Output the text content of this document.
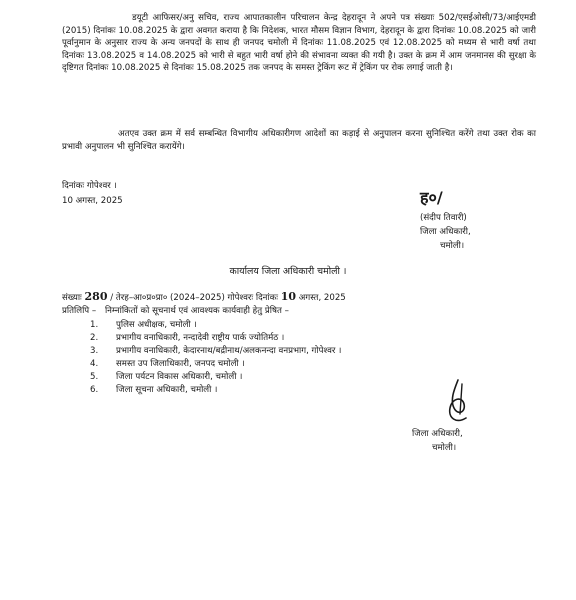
डयूटी आफिसर/अनु सचिव, राज्य आपातकालीन परिचालन केन्द्र देहरादून ने अपने पत्र संख्याः 502/एसईओसी/73/आईएमडी (2015) दिनांकः 10.08.2025 के द्वारा अवगत कराया है कि निदेशक, भारत मौसम विज्ञान विभाग, देहरादून के द्वारा दिनांकः 10.08.2025 को जारी पूर्वानुमान के अनुसार राज्य के अन्य जनपदों के साथ ही जनपद चमोली में दिनांकः 11.08.2025 एवं 12.08.2025 को मध्यम से भारी वर्षा तथा दिनांकः 13.08.2025 व 14.08.2025 को भारी से बहुत भारी वर्षा होने की संभावना व्यक्त की गयी है। उक्त के क्रम में आम जनमानस की सुरक्षा के दृष्टिगत दिनांकः 10.08.2025 से दिनांकः 15.08.2025 तक जनपद के समस्त ट्रेकिंग रूट में ट्रेकिंग पर रोक लगाई जाती है।

अतएव उक्त क्रम में सर्व सम्बन्धित विभागीय अधिकारीगण आदेशों का कड़ाई से अनुपालन करना सुनिश्चित करेंगे तथा उक्त रोक का प्रभावी अनुपालन भी सुनिश्चित करायेंगे।

दिनांकः गोपेश्वर ।

10 अगस्त, 2025	ह०/

(संदीप तिवारी)

जिला अधिकारी,

चमोली।

कार्यालय जिला अधिकारी चमोली ।

संख्याः 280 / तेरह–आ०प्र०प्रा० (2024–2025) गोपेश्वरः दिनांकः 10 अगस्त, 2025
प्रतिलिपि – निम्नांकितों को सूचनार्थ एवं आवश्यक कार्यवाही हेतु प्रेषित –
1.	पुलिस अधीक्षक, चमोली ।
2.	प्रभागीय वनाधिकारी, नन्दादेवी राष्ट्रीय पार्क ज्योतिर्मठ ।
3.	प्रभागीय वनाधिकारी, केदारनाथ/बद्रीनाथ/अलकनन्दा वनप्रभाग, गोपेश्वर ।
4.	समस्त उप जिलाधिकारी, जनपद चमोली ।
5.	जिला पर्यटन विकास अधिकारी, चमोली ।
6.	जिला सूचना अधिकारी, चमोली ।

जिला अधिकारी,

चमोली।
